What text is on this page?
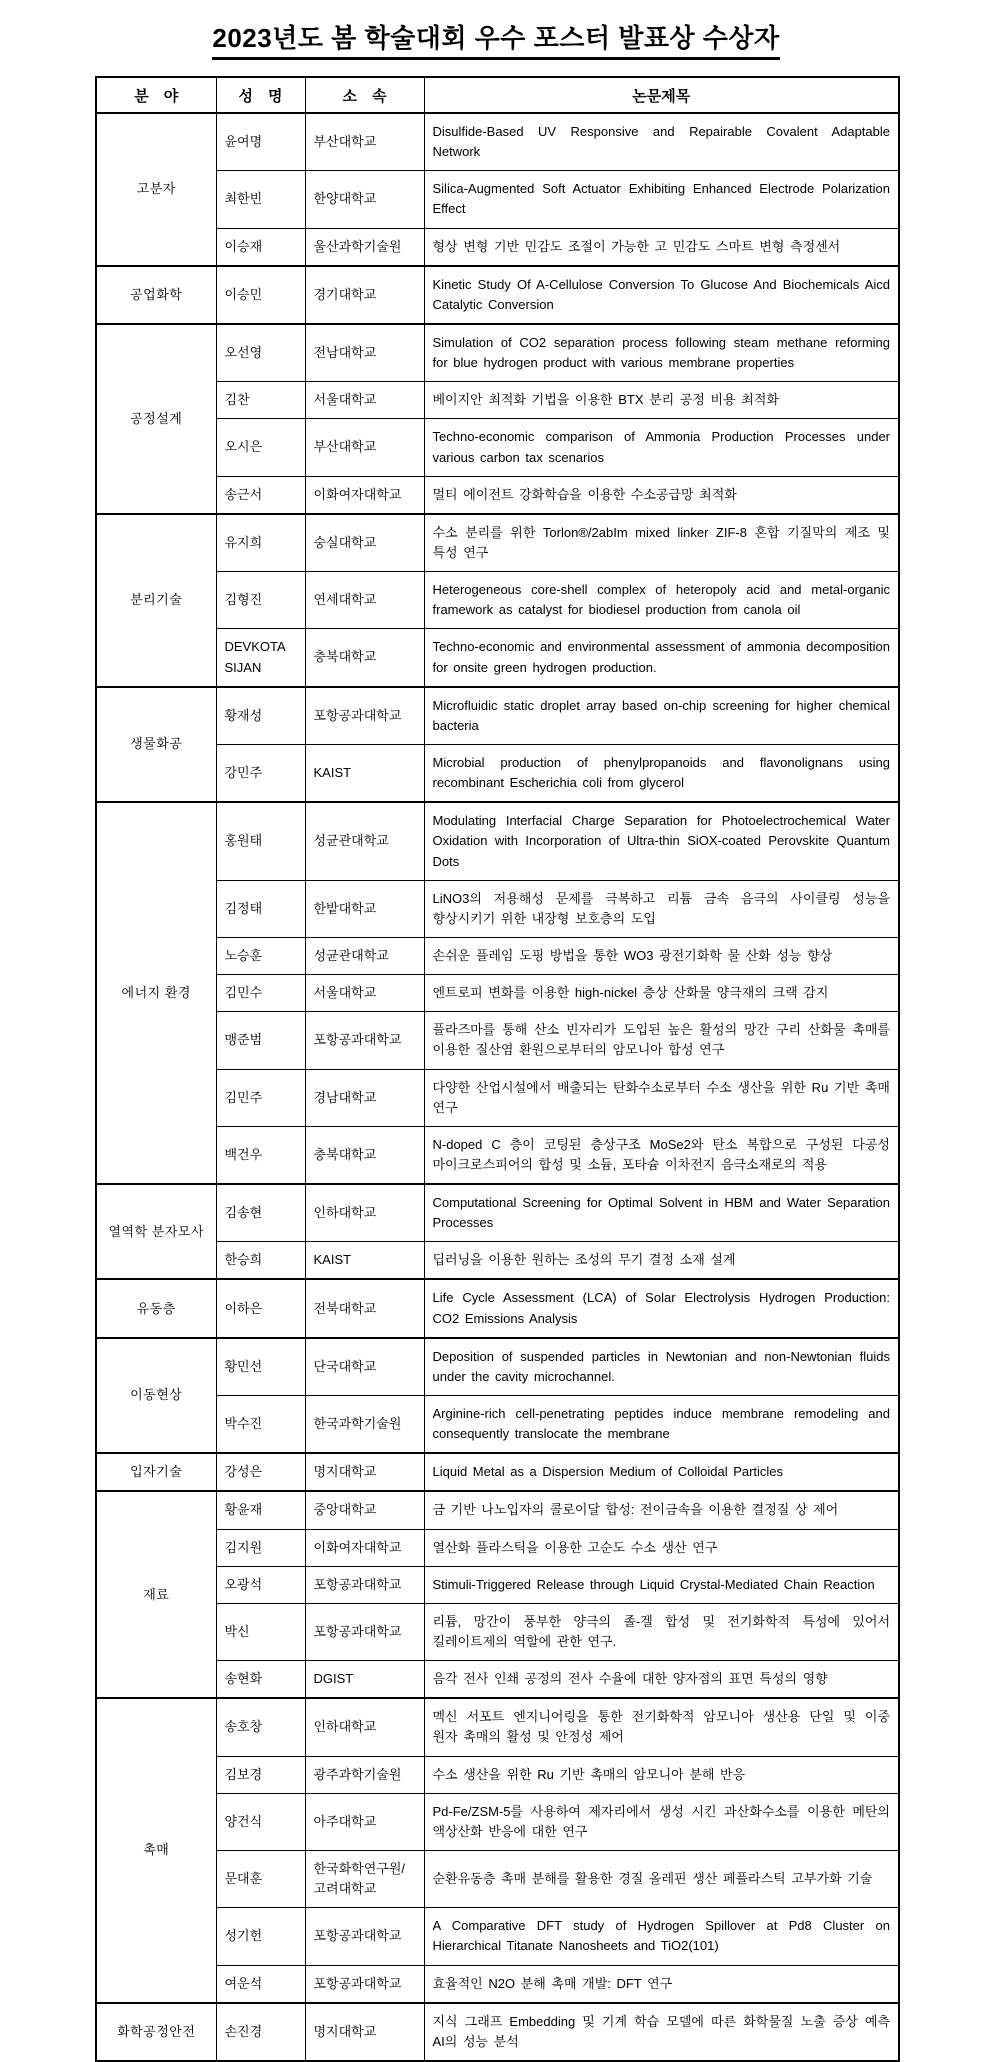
2023년도 봄 학술대회 우수 포스터 발표상 수상자
분　야	성　명	소　속	논문제목
고분자	윤여명	부산대학교	Disulfide-Based UV Responsive and Repairable Covalent Adaptable Network
	최한빈	한양대학교	Silica-Augmented Soft Actuator Exhibiting Enhanced Electrode Polarization Effect
	이승재	울산과학기술원	형상 변형 기반 민감도 조절이 가능한 고 민감도 스마트 변형 측정센서
공업화학	이승민	경기대학교	Kinetic Study Of A-Cellulose Conversion To Glucose And Biochemicals Aicd Catalytic Conversion
공정설계	오선영	전남대학교	Simulation of CO2 separation process following steam methane reforming for blue hydrogen product with various membrane properties
	김찬	서울대학교	베이지안 최적화 기법을 이용한 BTX 분리 공정 비용 최적화
	오시은	부산대학교	Techno-economic comparison of Ammonia Production Processes under various carbon tax scenarios
	송근서	이화여자대학교	멀티 에이전트 강화학습을 이용한 수소공급망 최적화
분리기술	유지희	숭실대학교	수소 분리를 위한 Torlon®/2abIm mixed linker ZIF-8 혼합 기질막의 제조 및 특성 연구
	김형진	연세대학교	Heterogeneous core-shell complex of heteropoly acid and metal-organic framework as catalyst for biodiesel production from canola oil
	DEVKOTA SIJAN	충북대학교	Techno-economic and environmental assessment of ammonia decomposition for onsite green hydrogen production.
생물화공	황재성	포항공과대학교	Microfluidic static droplet array based on-chip screening for higher chemical bacteria
	강민주	KAIST	Microbial production of phenylpropanoids and flavonolignans using recombinant Escherichia coli from glycerol
에너지 환경	홍원태	성균관대학교	Modulating Interfacial Charge Separation for Photoelectrochemical Water Oxidation with Incorporation of Ultra-thin SiOX-coated Perovskite Quantum Dots
	김정태	한밭대학교	LiNO3의 저용해성 문제를 극복하고 리튬 금속 음극의 사이클링 성능을 향상시키기 위한 내장형 보호층의 도입
	노승훈	성균관대학교	손쉬운 플레임 도핑 방법을 통한 WO3 광전기화학 물 산화 성능 향상
	김민수	서울대학교	엔트로피 변화를 이용한 high-nickel 층상 산화물 양극재의 크랙 감지
	맹준범	포항공과대학교	플라즈마를 통해 산소 빈자리가 도입된 높은 활성의 망간 구리 산화물 촉매를 이용한 질산염 환원으로부터의 암모니아 합성 연구
	김민주	경남대학교	다양한 산업시설에서 배출되는 탄화수소로부터 수소 생산을 위한 Ru 기반 촉매 연구
	백건우	충북대학교	N-doped C 층이 코팅된 층상구조 MoSe2와 탄소 복합으로 구성된 다공성 마이크로스피어의 합성 및 소듐, 포타슘 이차전지 음극소재로의 적용
열역학 분자모사	김송현	인하대학교	Computational Screening for Optimal Solvent in HBM and Water Separation Processes
	한승희	KAIST	딥러닝을 이용한 원하는 조성의 무기 결정 소재 설계
유동층	이하은	전북대학교	Life Cycle Assessment (LCA) of Solar Electrolysis Hydrogen Production: CO2 Emissions Analysis
이동현상	황민선	단국대학교	Deposition of suspended particles in Newtonian and non-Newtonian fluids under the cavity microchannel.
	박수진	한국과학기술원	Arginine-rich cell-penetrating peptides induce membrane remodeling and consequently translocate the membrane
입자기술	강성은	명지대학교	Liquid Metal as a Dispersion Medium of Colloidal Particles
재료	황윤재	중앙대학교	금 기반 나노입자의 콜로이달 합성: 전이금속을 이용한 결정질 상 제어
	김지원	이화여자대학교	열산화 플라스틱을 이용한 고순도 수소 생산 연구
	오광석	포항공과대학교	Stimuli-Triggered Release through Liquid Crystal-Mediated Chain Reaction
	박신	포항공과대학교	리튬, 망간이 풍부한 양극의 졸-겔 합성 및 전기화학적 특성에 있어서 킬레이트제의 역할에 관한 연구.
	송현화	DGIST	음각 전사 인쇄 공정의 전사 수율에 대한 양자점의 표면 특성의 영향
촉매	송호창	인하대학교	멕신 서포트 엔지니어링을 통한 전기화학적 암모니아 생산용 단일 및 이중 원자 촉매의 활성 및 안정성 제어
	김보경	광주과학기술원	수소 생산을 위한 Ru 기반 촉매의 암모니아 분해 반응
	양건식	아주대학교	Pd-Fe/ZSM-5를 사용하여 제자리에서 생성 시킨 과산화수소를 이용한 메탄의 액상산화 반응에 대한 연구
	문대훈	한국화학연구원/고려대학교	순환유동층 촉매 분해를 활용한 경질 올레핀 생산 페플라스틱 고부가화 기술
	성기헌	포항공과대학교	A Comparative DFT study of Hydrogen Spillover at Pd8 Cluster on Hierarchical Titanate Nanosheets and TiO2(101)
	여운석	포항공과대학교	효율적인 N2O 분해 촉매 개발: DFT 연구
화학공정안전	손진경	명지대학교	지식 그래프 Embedding 및 기계 학습 모델에 따른 화학물질 노출 증상 예측 AI의 성능 분석
